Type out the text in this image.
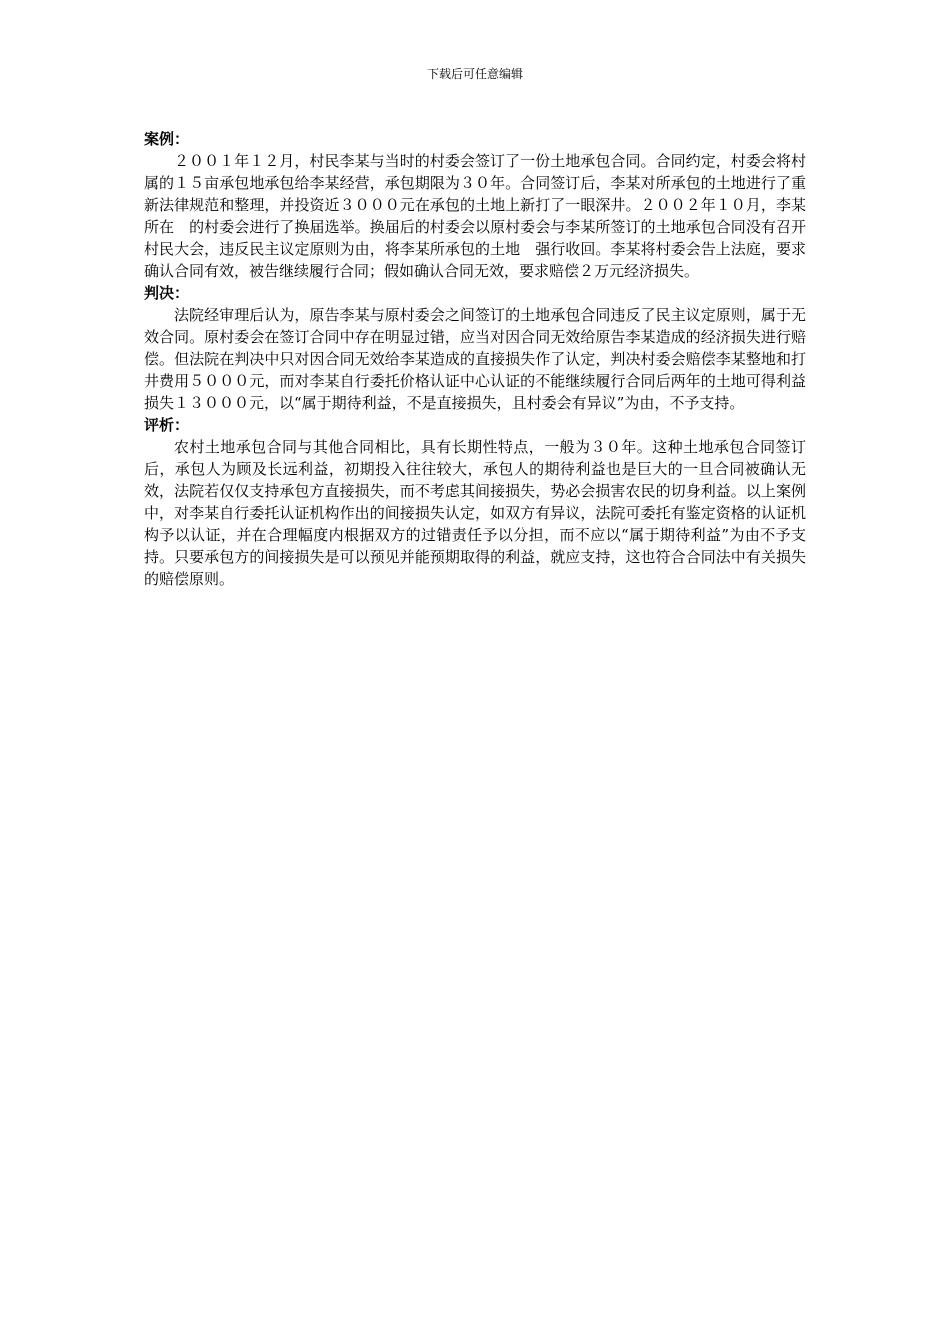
下载后可任意编辑

案例：

２００１年１２月，村民李某与当时的村委会签订了一份土地承包合同。合同约定，村委会将村属的１５亩承包地承包给李某经营，承包期限为３０年。合同签订后，李某对所承包的土地进行了重新法律规范和整理，并投资近３０００元在承包的土地上新打了一眼深井。２００２年１０月，李某所在　的村委会进行了换届选举。换届后的村委会以原村委会与李某所签订的土地承包合同没有召开村民大会，违反民主议定原则为由，将李某所承包的土地　强行收回。李某将村委会告上法庭，要求确认合同有效，被告继续履行合同；假如确认合同无效，要求赔偿２万元经济损失。

判决：

法院经审理后认为，原告李某与原村委会之间签订的土地承包合同违反了民主议定原则，属于无效合同。原村委会在签订合同中存在明显过错，应当对因合同无效给原告李某造成的经济损失进行赔偿。但法院在判决中只对因合同无效给李某造成的直接损失作了认定，判决村委会赔偿李某整地和打　井费用５０００元，而对李某自行委托价格认证中心认证的不能继续履行合同后两年的土地可得利益损失１３０００元，以“属于期待利益，不是直接损失，且村委会有异议”为由，不予支持。

评析：

农村土地承包合同与其他合同相比，具有长期性特点，一般为３０年。这种土地承包合同签订后，承包人为顾及长远利益，初期投入往往较大，承包人的期待利益也是巨大的一旦合同被确认无效，法院若仅仅支持承包方直接损失，而不考虑其间接损失，势必会损害农民的切身利益。以上案例中，对李某自行委托认证机构作出的间接损失认定，如双方有异议，法院可委托有鉴定资格的认证机构予以认证，并在合理幅度内根据双方的过错责任予以分担，而不应以“属于期待利益”为由不予支持。只要承包方的间接损失是可以预见并能预期取得的利益，就应支持，这也符合合同法中有关损失的赔偿原则。
